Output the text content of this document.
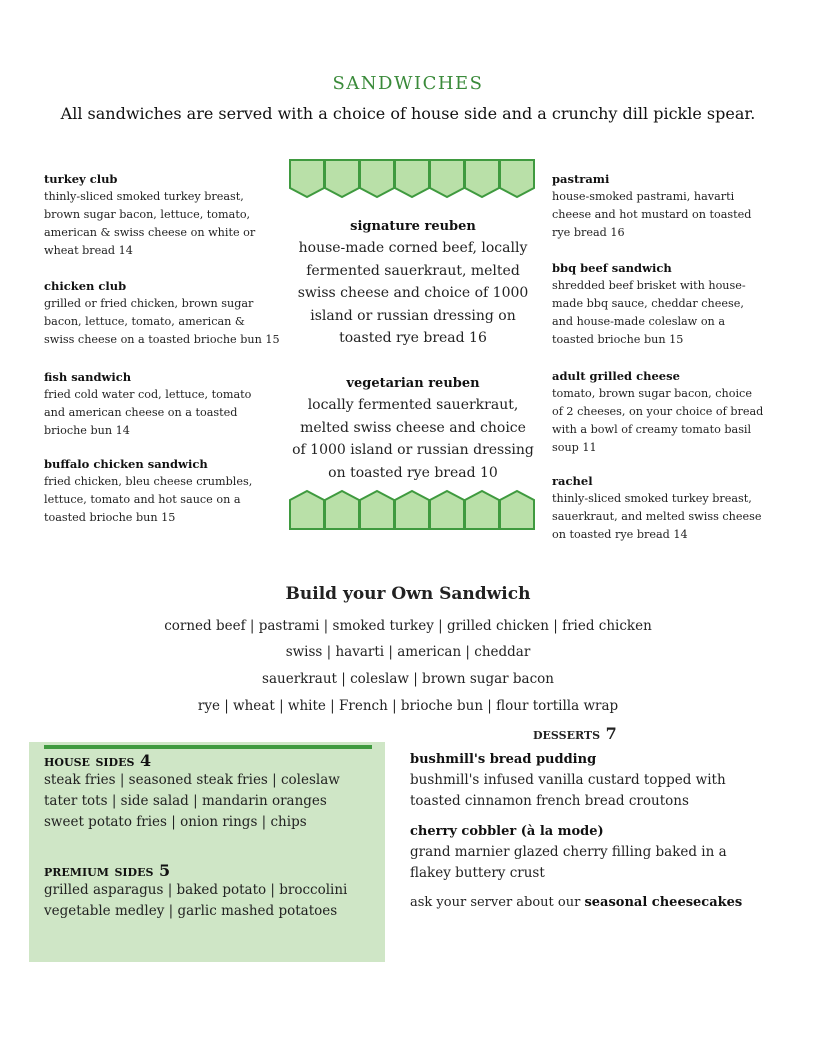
sandwiches
All sandwiches are served with a choice of house side and a crunchy dill pickle spear.
turkey club
thinly-sliced smoked turkey breast,
brown sugar bacon, lettuce, tomato,
american & swiss cheese on white or
wheat bread 14
chicken club
grilled or fried chicken, brown sugar
bacon, lettuce, tomato, american &
swiss cheese on a toasted brioche bun 15
fish sandwich
fried cold water cod, lettuce, tomato
and american cheese on a toasted
brioche bun 14
buffalo chicken sandwich
fried chicken, bleu cheese crumbles,
lettuce, tomato and hot sauce on a
toasted brioche bun 15
signature reuben
house-made corned beef, locally
fermented sauerkraut, melted
swiss cheese and choice of 1000
island or russian dressing on
toasted rye bread 16
vegetarian reuben
locally fermented sauerkraut,
melted swiss cheese and choice
of 1000 island or russian dressing
on toasted rye bread 10
pastrami
house-smoked pastrami, havarti
cheese and hot mustard on toasted
rye bread 16
bbq beef sandwich
shredded beef brisket with house-
made bbq sauce, cheddar cheese,
and house-made coleslaw on a
toasted brioche bun 15
adult grilled cheese
tomato, brown sugar bacon, choice
of 2 cheeses, on your choice of bread
with a bowl of creamy tomato basil
soup 11
rachel
thinly-sliced smoked turkey breast,
sauerkraut, and melted swiss cheese
on toasted rye bread 14
Build your Own Sandwich
corned beef | pastrami | smoked turkey | grilled chicken | fried chicken
swiss | havarti | american | cheddar
sauerkraut | coleslaw | brown sugar bacon
rye | wheat | white | French | brioche bun | flour tortilla wrap
house sides 4
steak fries | seasoned steak fries | coleslaw
tater tots | side salad | mandarin oranges
sweet potato fries | onion rings | chips
premium sides 5
grilled asparagus | baked potato | broccolini
vegetable medley | garlic mashed potatoes
desserts 7
bushmill's bread pudding
bushmill's infused vanilla custard topped with
toasted cinnamon french bread croutons
cherry cobbler (à la mode)
grand marnier glazed cherry filling baked in a
flakey buttery crust
ask your server about our seasonal cheesecakes
